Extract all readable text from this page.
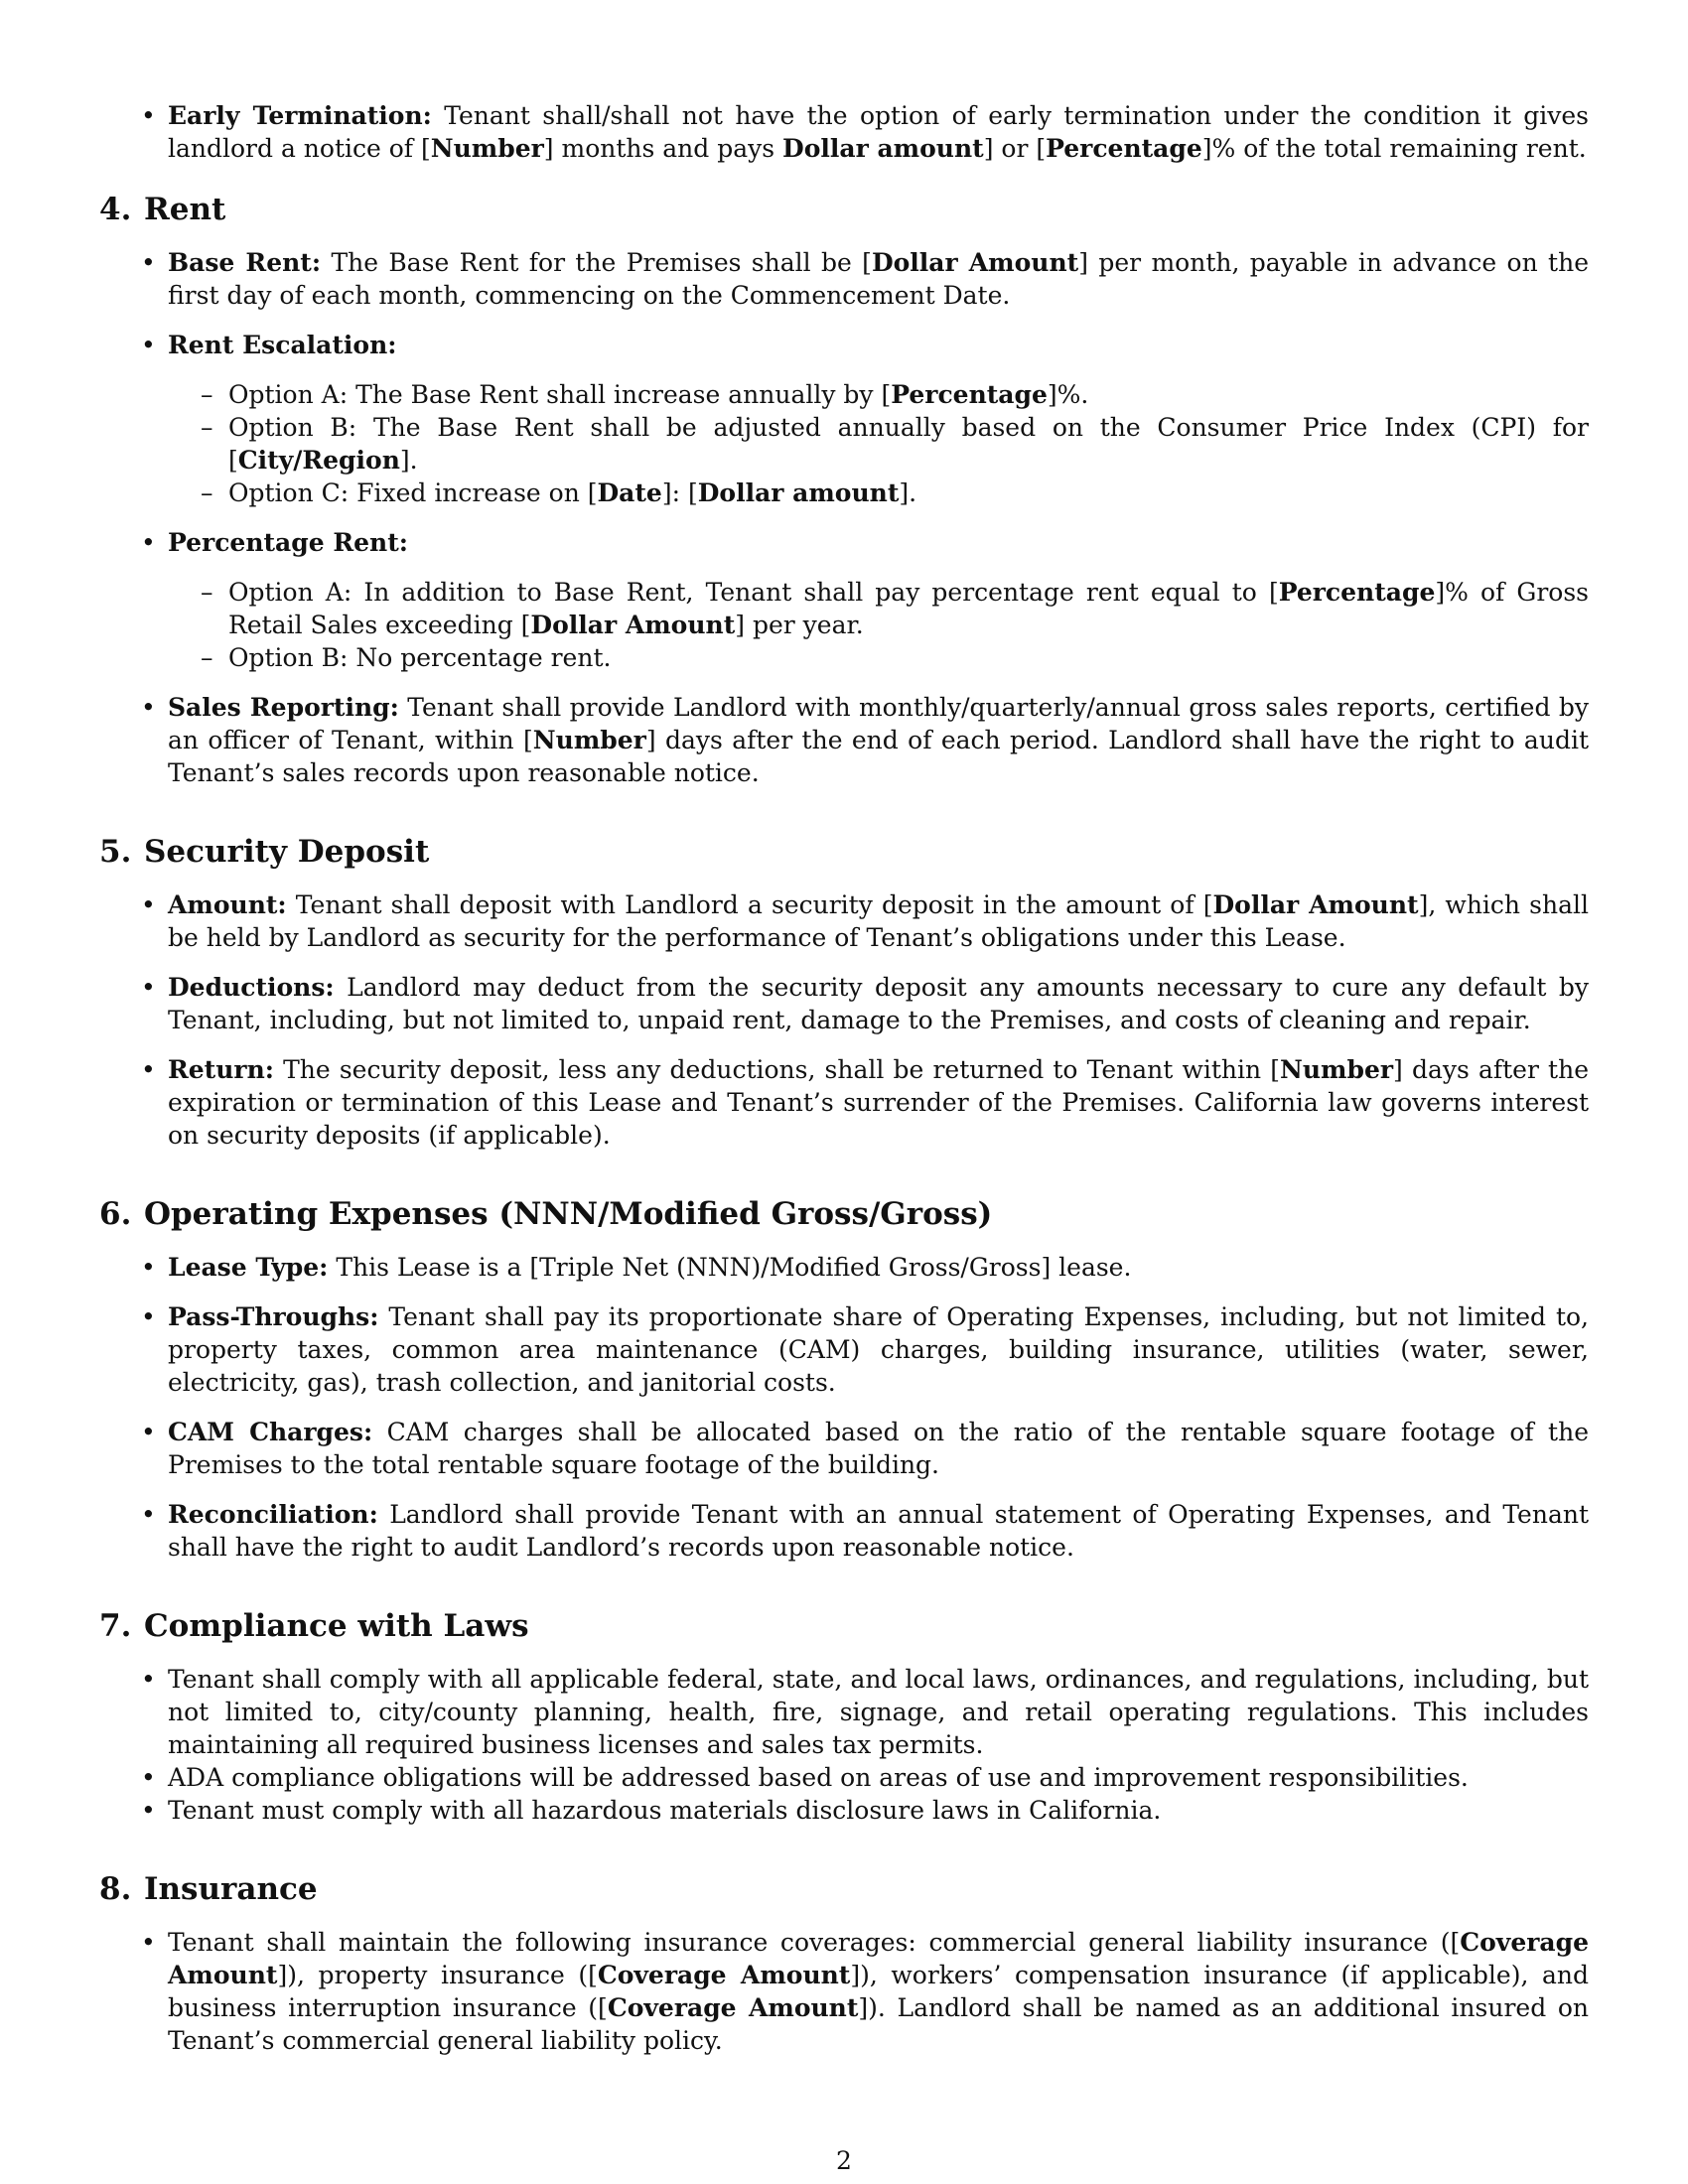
• Early Termination: Tenant shall/shall not have the option of early termination under the condition it gives landlord a notice of [Number] months and pays Dollar amount] or [Percentage]% of the total remaining rent.
4. Rent
• Base Rent: The Base Rent for the Premises shall be [Dollar Amount] per month, payable in advance on the first day of each month, commencing on the Commencement Date.
• Rent Escalation:
– Option A: The Base Rent shall increase annually by [Percentage]%.
– Option B: The Base Rent shall be adjusted annually based on the Consumer Price Index (CPI) for [City/Region].
– Option C: Fixed increase on [Date]: [Dollar amount].
• Percentage Rent:
– Option A: In addition to Base Rent, Tenant shall pay percentage rent equal to [Percentage]% of Gross Retail Sales exceeding [Dollar Amount] per year.
– Option B: No percentage rent.
• Sales Reporting: Tenant shall provide Landlord with monthly/quarterly/annual gross sales reports, certified by an officer of Tenant, within [Number] days after the end of each period. Landlord shall have the right to audit Tenant’s sales records upon reasonable notice.
5. Security Deposit
• Amount: Tenant shall deposit with Landlord a security deposit in the amount of [Dollar Amount], which shall be held by Landlord as security for the performance of Tenant’s obligations under this Lease.
• Deductions: Landlord may deduct from the security deposit any amounts necessary to cure any default by Tenant, including, but not limited to, unpaid rent, damage to the Premises, and costs of cleaning and repair.
• Return: The security deposit, less any deductions, shall be returned to Tenant within [Number] days after the expiration or termination of this Lease and Tenant’s surrender of the Premises. California law governs interest on security deposits (if applicable).
6. Operating Expenses (NNN/Modified Gross/Gross)
• Lease Type: This Lease is a [Triple Net (NNN)/Modified Gross/Gross] lease.
• Pass-Throughs: Tenant shall pay its proportionate share of Operating Expenses, including, but not limited to, property taxes, common area maintenance (CAM) charges, building insurance, utilities (water, sewer, electricity, gas), trash collection, and janitorial costs.
• CAM Charges: CAM charges shall be allocated based on the ratio of the rentable square footage of the Premises to the total rentable square footage of the building.
• Reconciliation: Landlord shall provide Tenant with an annual statement of Operating Expenses, and Tenant shall have the right to audit Landlord’s records upon reasonable notice.
7. Compliance with Laws
• Tenant shall comply with all applicable federal, state, and local laws, ordinances, and regulations, including, but not limited to, city/county planning, health, fire, signage, and retail operating regulations. This includes maintaining all required business licenses and sales tax permits.
• ADA compliance obligations will be addressed based on areas of use and improvement responsibilities.
• Tenant must comply with all hazardous materials disclosure laws in California.
8. Insurance
• Tenant shall maintain the following insurance coverages: commercial general liability insurance ([Coverage Amount]), property insurance ([Coverage Amount]), workers’ compensation insurance (if applicable), and business interruption insurance ([Coverage Amount]). Landlord shall be named as an additional insured on Tenant’s commercial general liability policy.
2
